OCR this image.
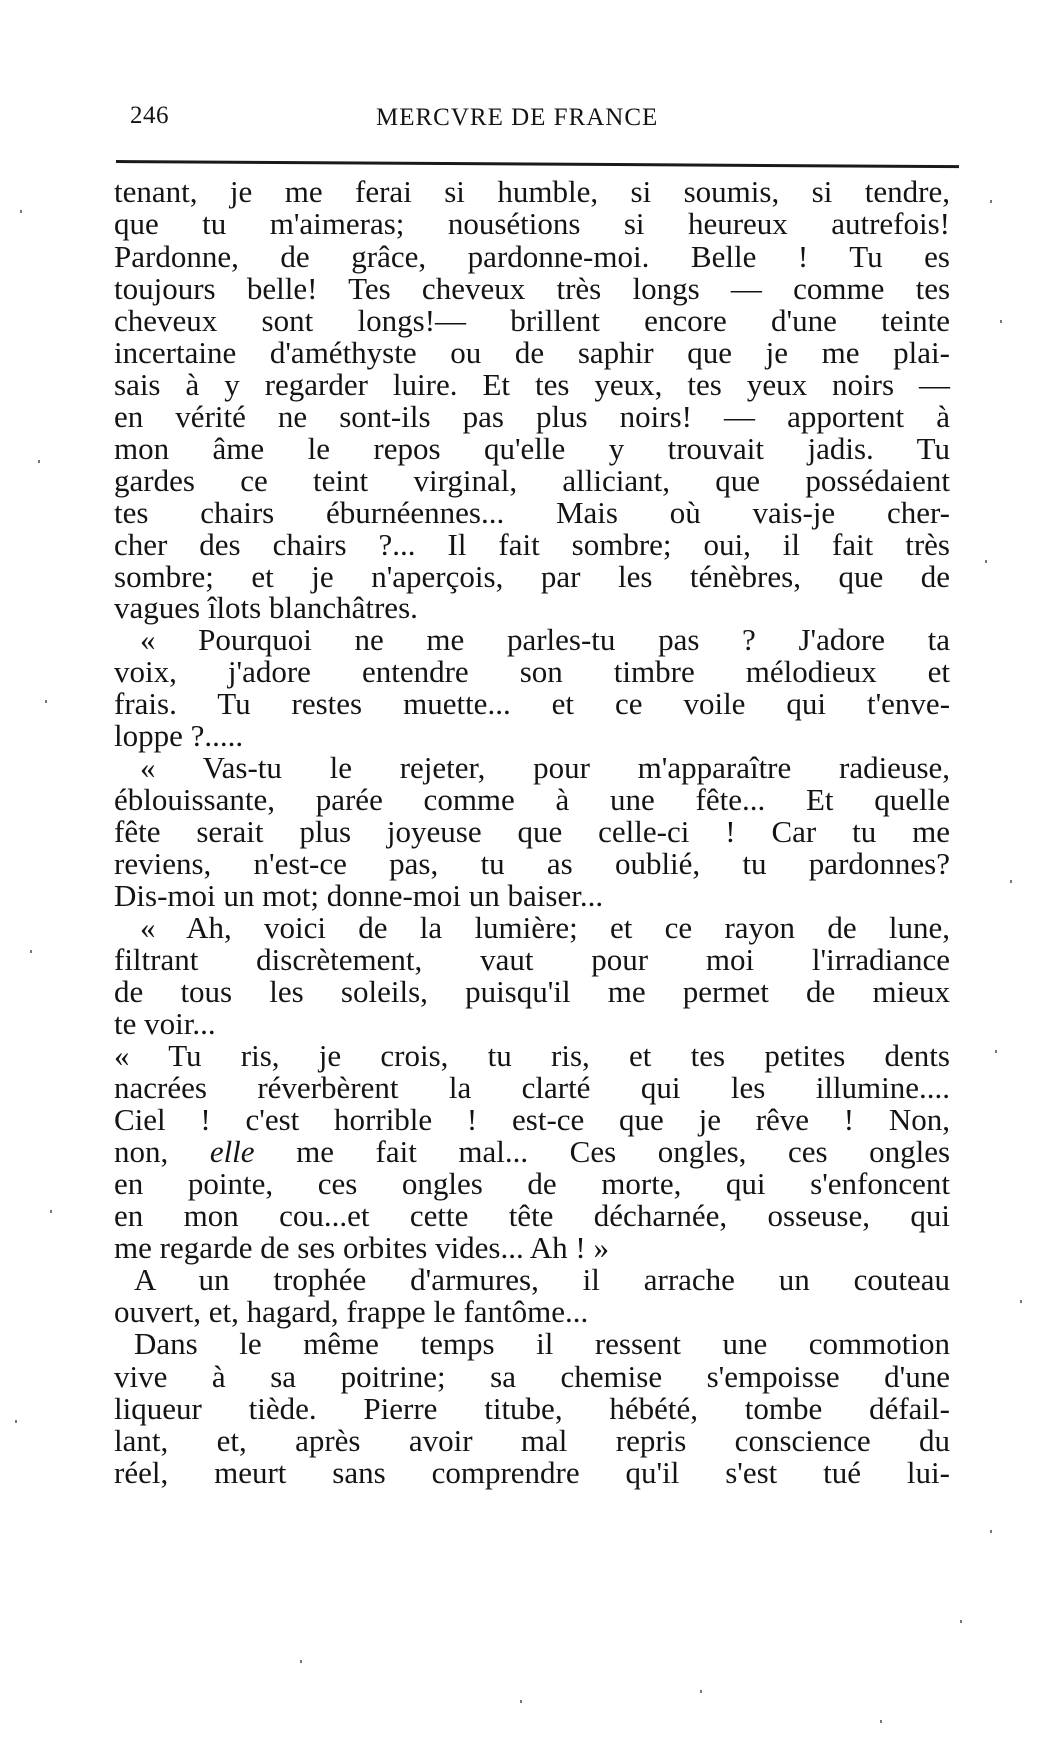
246	MERCVRE DE FRANCE
tenant, je me ferai si humble, si soumis, si tendre,
que tu m'aimeras; nousétions si heureux autrefois!
Pardonne, de grâce, pardonne-moi. Belle ! Tu es
toujours belle! Tes cheveux très longs — comme tes
cheveux sont longs!— brillent encore d'une teinte
incertaine d'améthyste ou de saphir que je me plai-
sais à y regarder luire. Et tes yeux, tes yeux noirs —
en vérité ne sont-ils pas plus noirs! — apportent à
mon âme le repos qu'elle y trouvait jadis. Tu
gardes ce teint virginal, alliciant, que possédaient
tes chairs éburnéennes... Mais où vais-je cher-
cher des chairs ?... Il fait sombre; oui, il fait très
sombre; et je n'aperçois, par les ténèbres, que de
vagues îlots blanchâtres.
« Pourquoi ne me parles-tu pas ? J'adore ta
voix, j'adore entendre son timbre mélodieux et
frais. Tu restes muette... et ce voile qui t'enve-
loppe ?.....
« Vas-tu le rejeter, pour m'apparaître radieuse,
éblouissante, parée comme à une fête... Et quelle
fête serait plus joyeuse que celle-ci ! Car tu me
reviens, n'est-ce pas, tu as oublié, tu pardonnes?
Dis-moi un mot; donne-moi un baiser...
« Ah, voici de la lumière; et ce rayon de lune,
filtrant discrètement, vaut pour moi l'irradiance
de tous les soleils, puisqu'il me permet de mieux
te voir...
« Tu ris, je crois, tu ris, et tes petites dents
nacrées réverbèrent la clarté qui les illumine....
Ciel ! c'est horrible ! est-ce que je rêve ! Non,
non, elle me fait mal... Ces ongles, ces ongles
en pointe, ces ongles de morte, qui s'enfoncent
en mon cou...et cette tête décharnée, osseuse, qui
me regarde de ses orbites vides... Ah ! »
A un trophée d'armures, il arrache un couteau
ouvert, et, hagard, frappe le fantôme...
Dans le même temps il ressent une commotion
vive à sa poitrine; sa chemise s'empoisse d'une
liqueur tiède. Pierre titube, hébété, tombe défail-
lant, et, après avoir mal repris conscience du
réel, meurt sans comprendre qu'il s'est tué lui-
